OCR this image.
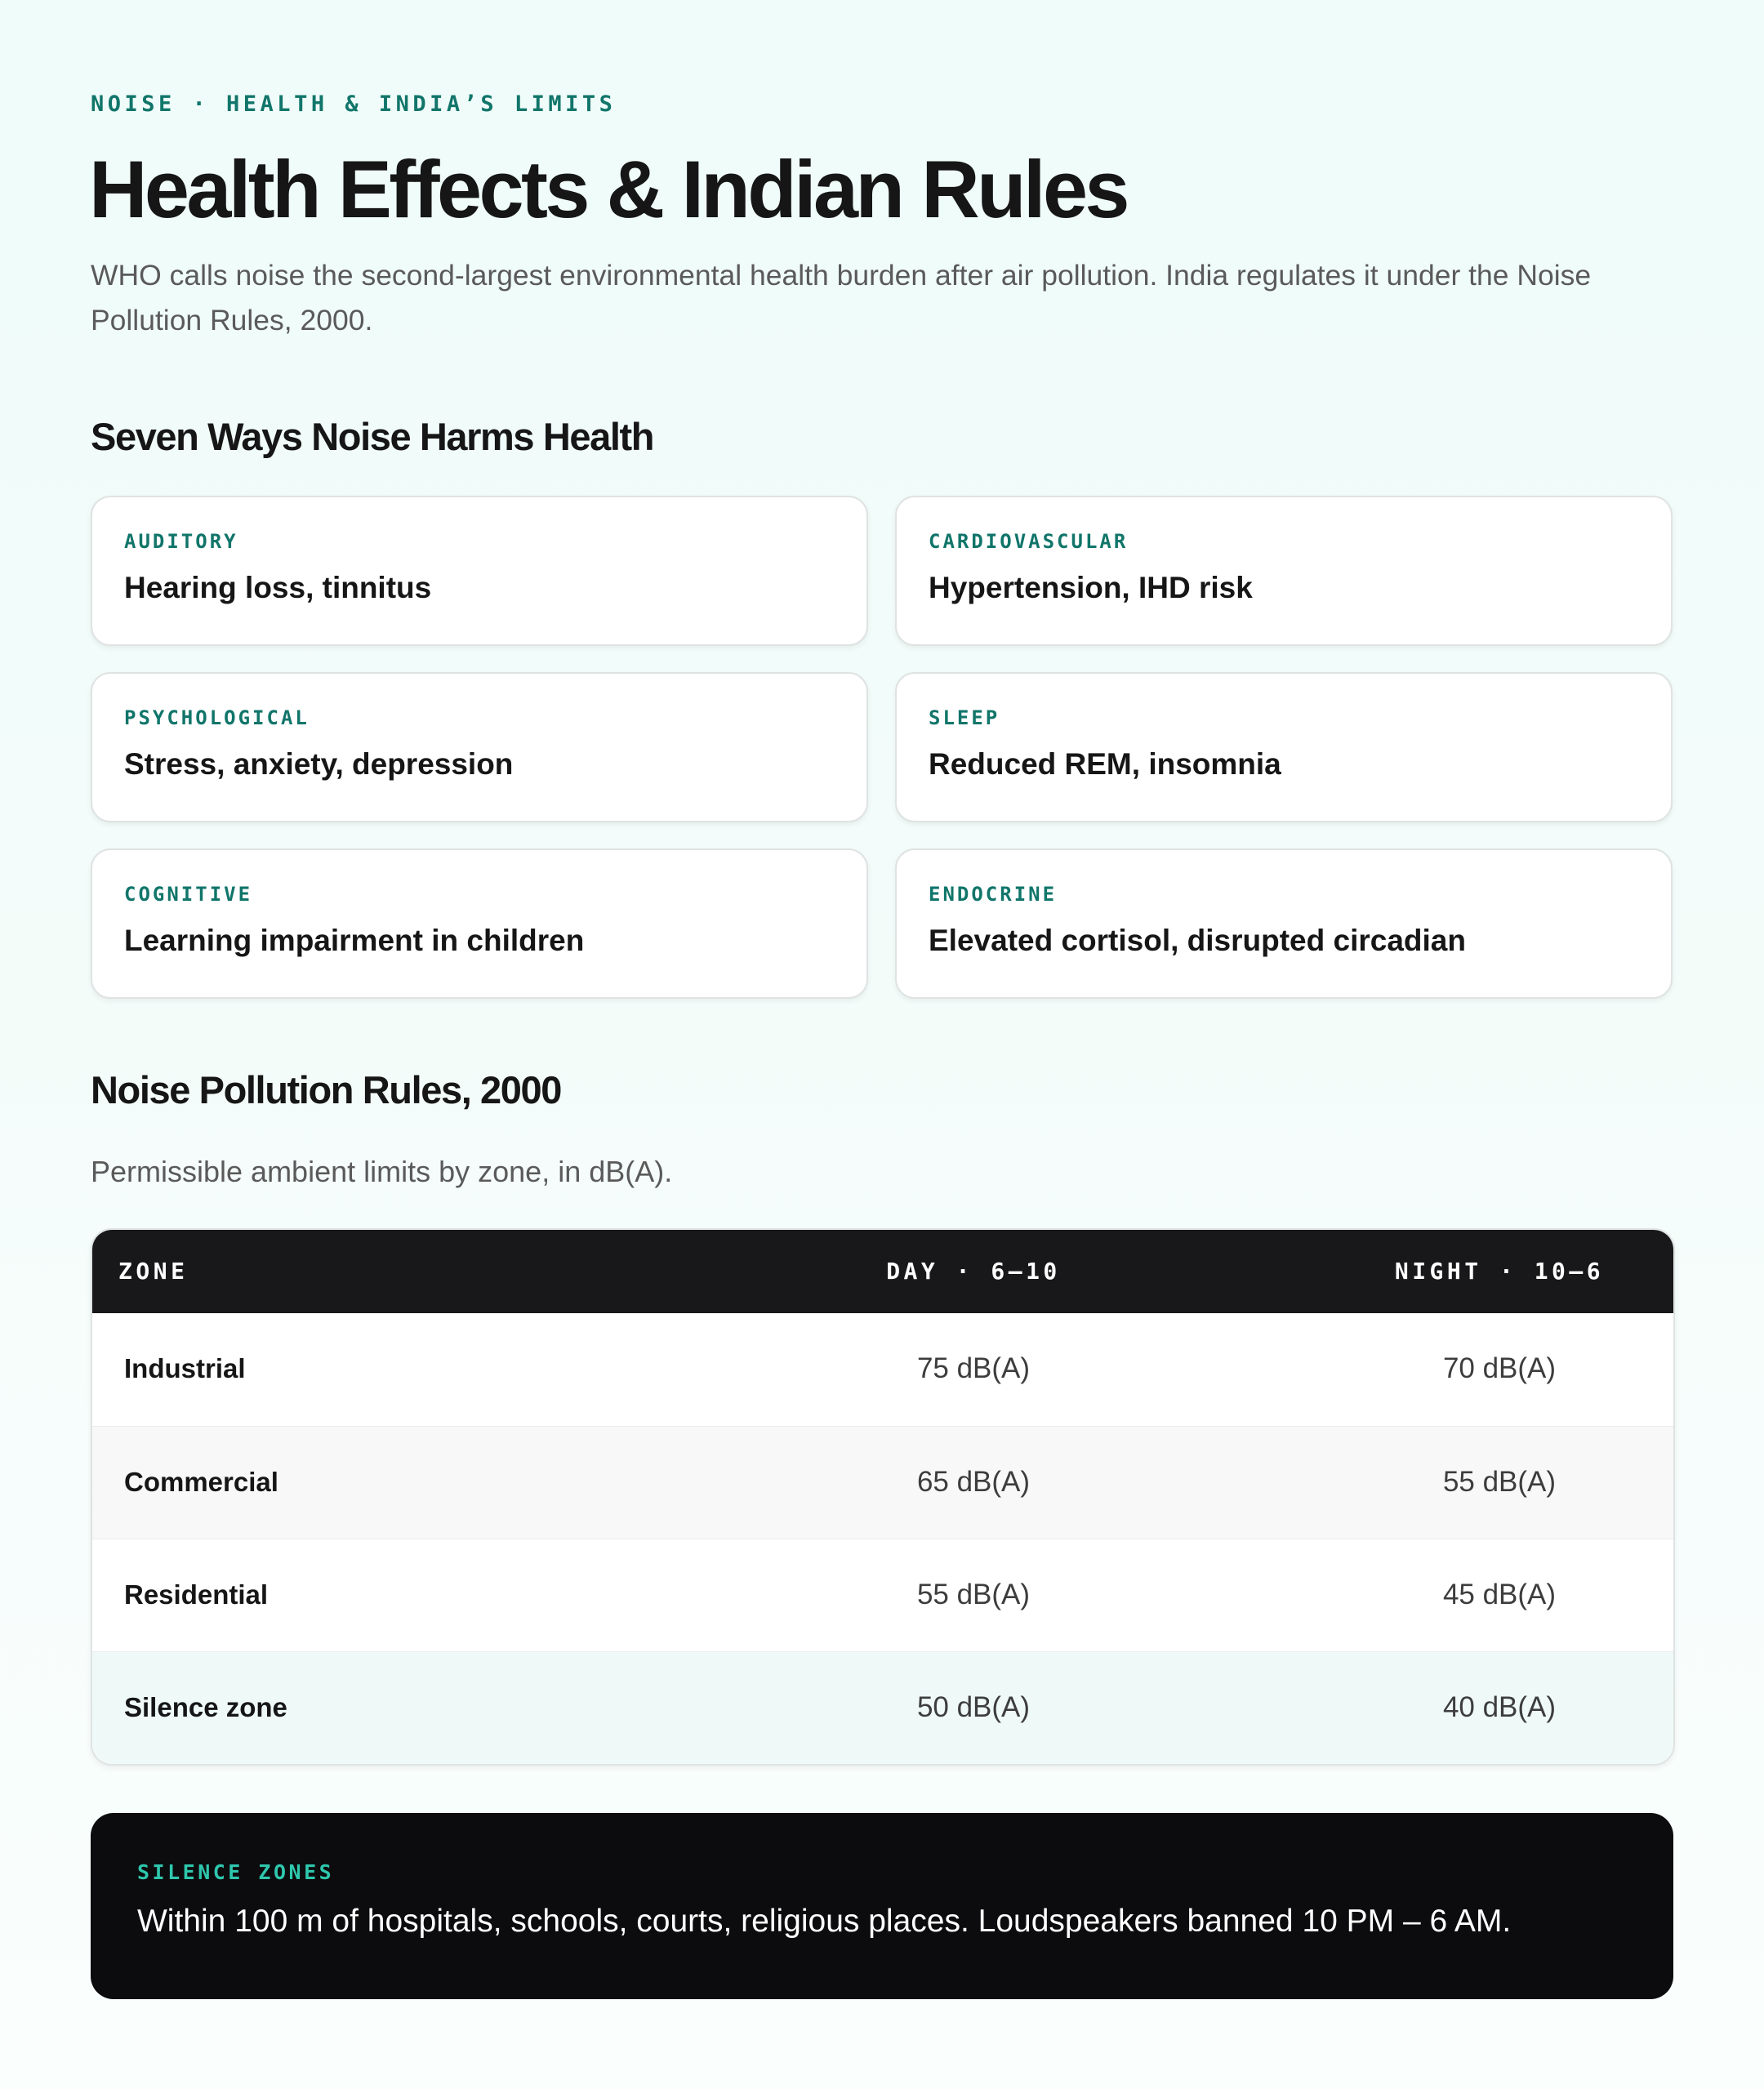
NOISE · HEALTH & INDIA’S LIMITS
Health Effects & Indian Rules

WHO calls noise the second-largest environmental health burden after air pollution. India regulates it under the Noise Pollution Rules, 2000.

Seven Ways Noise Harms Health
AUDITORY
Hearing loss, tinnitus
CARDIOVASCULAR
Hypertension, IHD risk
PSYCHOLOGICAL
Stress, anxiety, depression
SLEEP
Reduced REM, insomnia
COGNITIVE
Learning impairment in children
ENDOCRINE
Elevated cortisol, disrupted circadian
Noise Pollution Rules, 2000

Permissible ambient limits by zone, in dB(A).

ZONE	DAY · 6–10	NIGHT · 10–6
Industrial	75 dB(A)	70 dB(A)
Commercial	65 dB(A)	55 dB(A)
Residential	55 dB(A)	45 dB(A)
Silence zone	50 dB(A)	40 dB(A)
SILENCE ZONES
Within 100 m of hospitals, schools, courts, religious places. Loudspeakers banned 10 PM – 6 AM.
